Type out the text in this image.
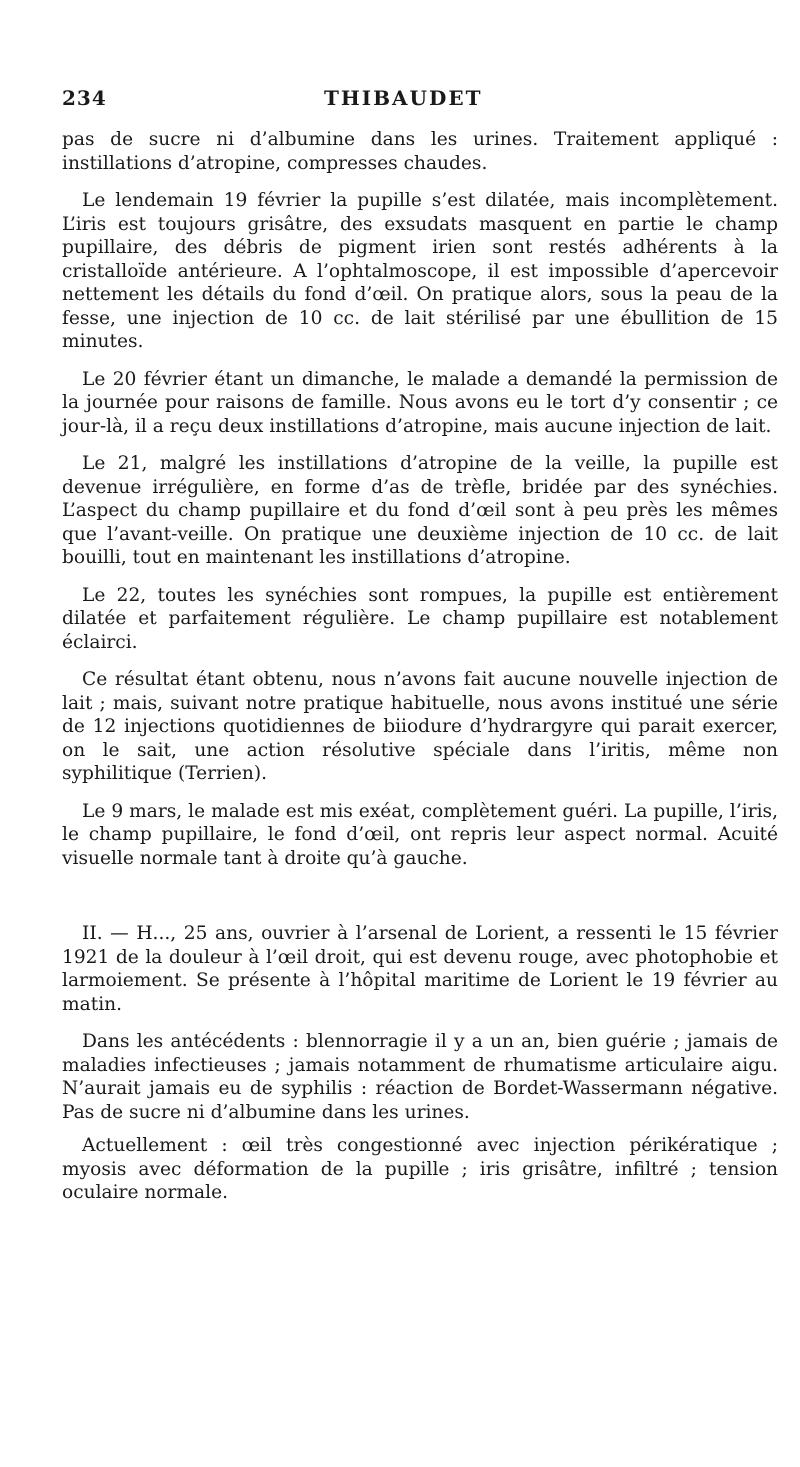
234	THIBAUDET

pas de sucre ni d’albumine dans les urines. Traitement appliqué : instillations d’atropine, compresses chaudes.

Le lendemain 19 février la pupille s’est dilatée, mais incomplètement. L’iris est toujours grisâtre, des exsudats masquent en partie le champ pupillaire, des débris de pigment irien sont restés adhérents à la cristalloïde antérieure. A l’ophtalmoscope, il est impossible d’apercevoir nettement les détails du fond d’œil. On pratique alors, sous la peau de la fesse, une injection de 10 cc. de lait stérilisé par une ébullition de 15 minutes.

Le 20 février étant un dimanche, le malade a demandé la permission de la journée pour raisons de famille. Nous avons eu le tort d’y consentir ; ce jour-là, il a reçu deux instillations d’atropine, mais aucune injection de lait.

Le 21, malgré les instillations d’atropine de la veille, la pupille est devenue irrégulière, en forme d’as de trèfle, bridée par des synéchies. L’aspect du champ pupillaire et du fond d’œil sont à peu près les mêmes que l’avant-veille. On pratique une deuxième injection de 10 cc. de lait bouilli, tout en maintenant les instillations d’atropine.

Le 22, toutes les synéchies sont rompues, la pupille est entièrement dilatée et parfaitement régulière. Le champ pupillaire est notablement éclairci.

Ce résultat étant obtenu, nous n’avons fait aucune nouvelle injection de lait ; mais, suivant notre pratique habituelle, nous avons institué une série de 12 injections quotidiennes de biiodure d’hydrargyre qui parait exercer, on le sait, une action résolutive spéciale dans l’iritis, même non syphilitique (Terrien).

Le 9 mars, le malade est mis exéat, complètement guéri. La pupille, l’iris, le champ pupillaire, le fond d’œil, ont repris leur aspect normal. Acuité visuelle normale tant à droite qu’à gauche.

II. — H..., 25 ans, ouvrier à l’arsenal de Lorient, a ressenti le 15 février 1921 de la douleur à l’œil droit, qui est devenu rouge, avec photophobie et larmoiement. Se présente à l’hôpital maritime de Lorient le 19 février au matin.

Dans les antécédents : blennorragie il y a un an, bien guérie ; jamais de maladies infectieuses ; jamais notamment de rhumatisme articulaire aigu. N’aurait jamais eu de syphilis : réaction de Bordet-Wassermann négative. Pas de sucre ni d’albumine dans les urines.

Actuellement : œil très congestionné avec injection périkératique ; myosis avec déformation de la pupille ; iris grisâtre, infiltré ; tension oculaire normale.
